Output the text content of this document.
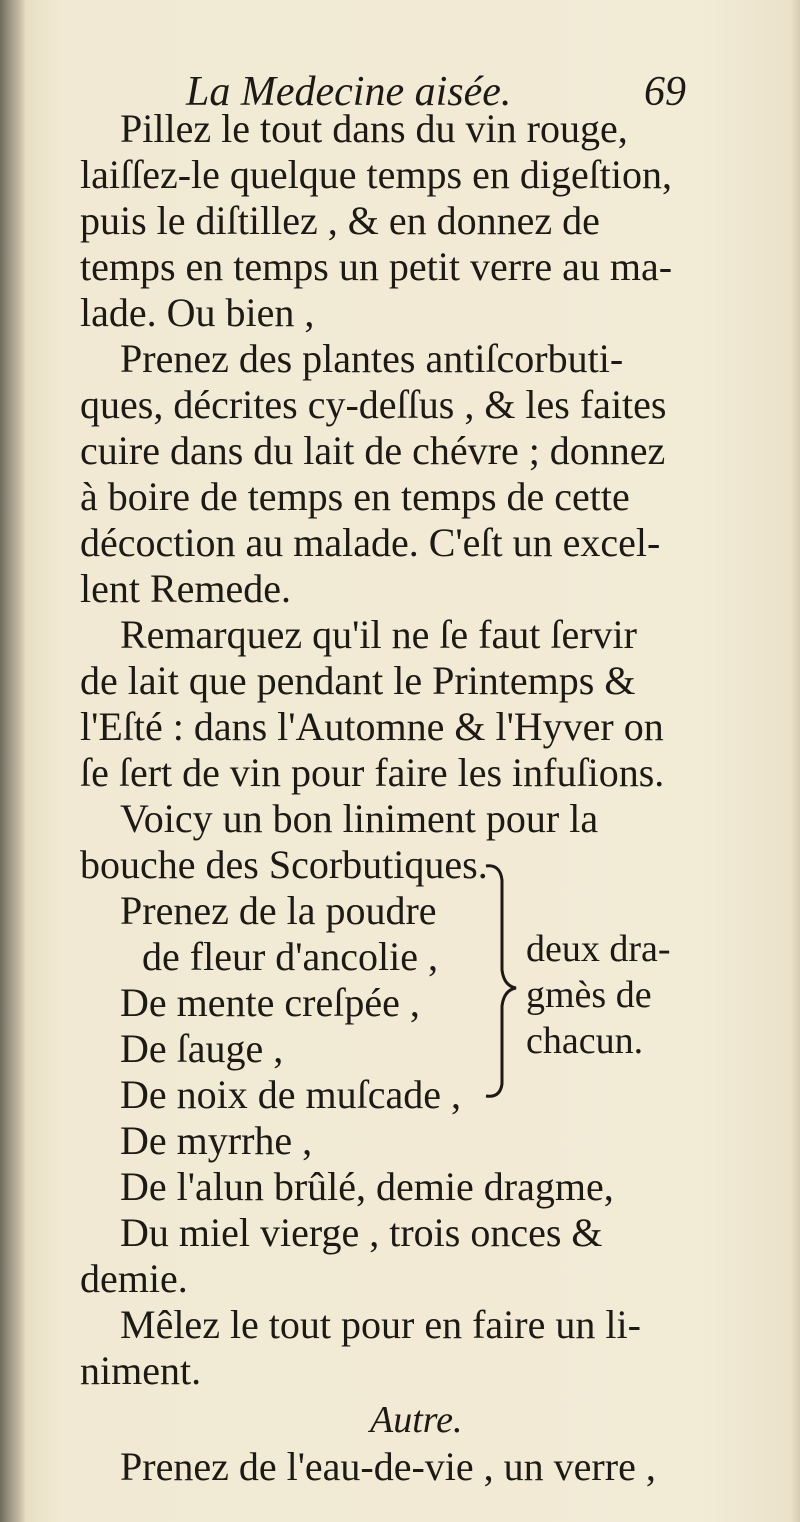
La Medecine aisée.	69
Pillez le tout dans du vin rouge,
laiſſez-le quelque temps en digeſtion,
puis le diſtillez , & en donnez de
temps en temps un petit verre au ma-
lade. Ou bien ,
Prenez des plantes antiſcorbuti-
ques, décrites cy-deſſus , & les faites
cuire dans du lait de chévre ; donnez
à boire de temps en temps de cette
décoction au malade. C'eſt un excel-
lent Remede.
Remarquez qu'il ne ſe faut ſervir
de lait que pendant le Printemps &
l'Eſté : dans l'Automne & l'Hyver on
ſe ſert de vin pour faire les infuſions.
Voicy un bon liniment pour la
bouche des Scorbutiques.
Prenez de la poudre
de fleur d'ancolie ,
De mente creſpée ,
De ſauge ,
De noix de muſcade ,
De myrrhe ,
deux dra-
gmès de
chacun.
De l'alun brûlé, demie dragme,
Du miel vierge , trois onces &
demie.
Mêlez le tout pour en faire un li-
niment.
Autre.
Prenez de l'eau-de-vie , un verre ,
